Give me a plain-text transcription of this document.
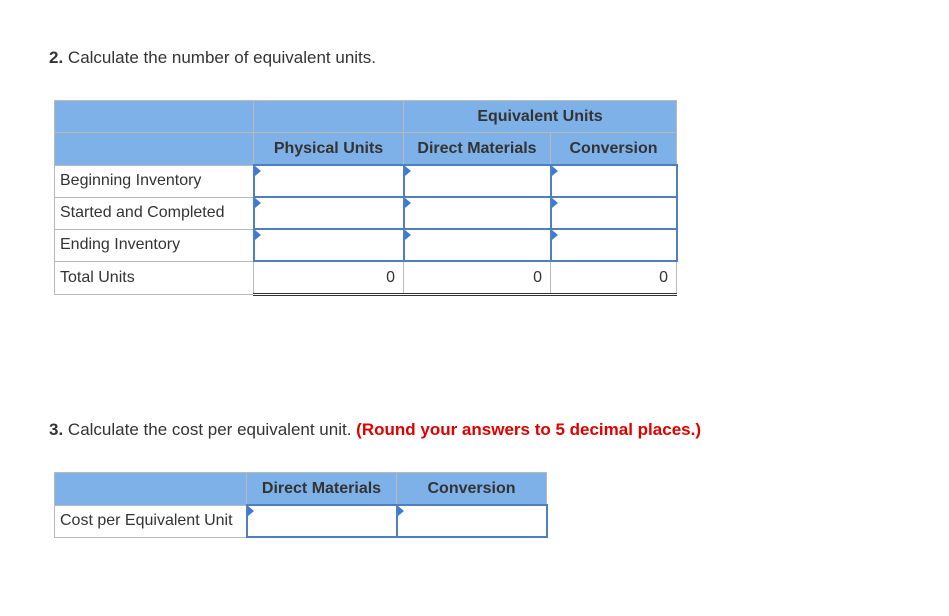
2. Calculate the number of equivalent units.
		Equivalent Units	
	Physical Units	Direct Materials	Conversion
Beginning Inventory	

Started and Completed	

Ending Inventory	

Total Units	0	0	0
3. Calculate the cost per equivalent unit. (Round your answers to 5 decimal places.)
	Direct Materials	Conversion
Cost per Equivalent Unit	
